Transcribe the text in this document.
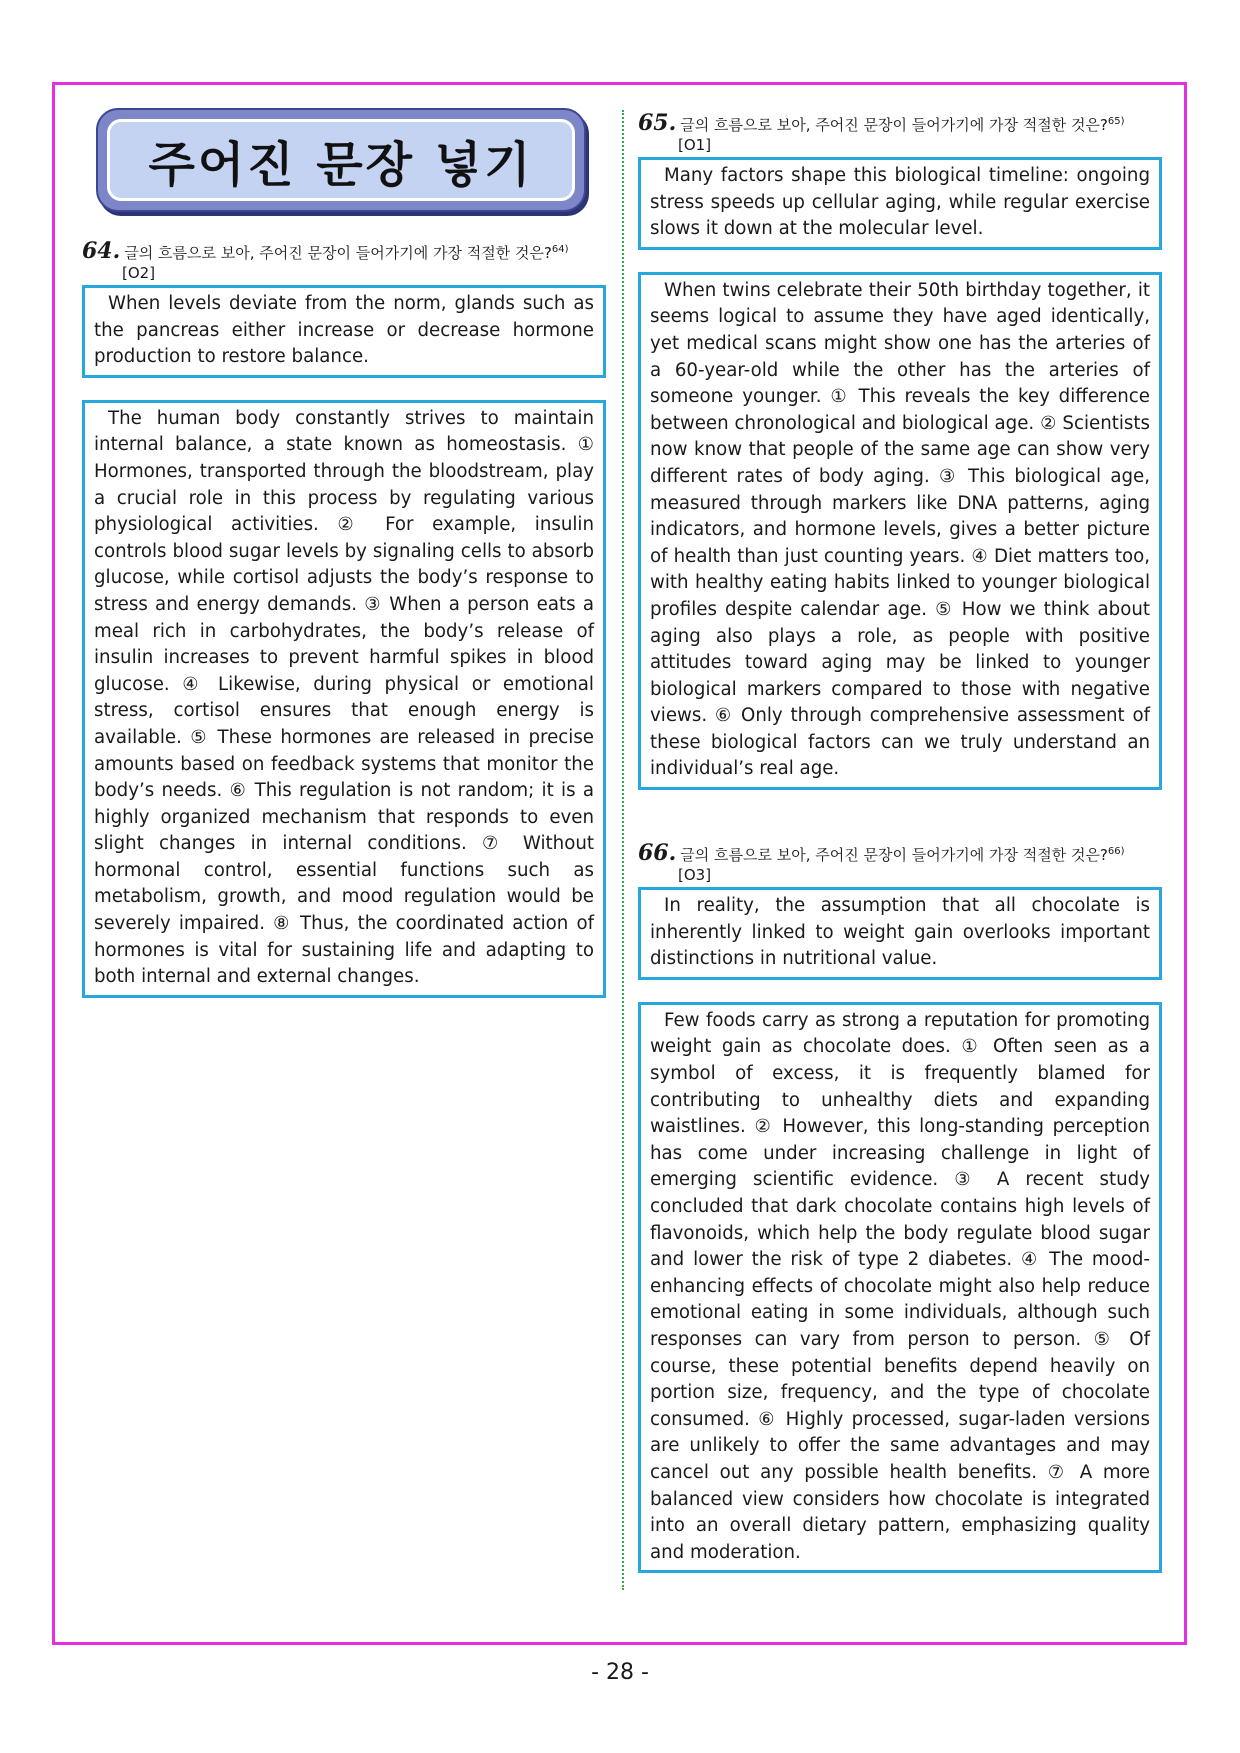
주어진 문장 넣기
64. 글의 흐름으로 보아, 주어진 문장이 들어가기에 가장 적절한 것은?$^{64)}$
[O2]
When levels deviate from the norm, glands such as the pancreas either increase or decrease hormone production to restore balance.
The human body constantly strives to maintain internal balance, a state known as homeostasis. ① Hormones, transported through the bloodstream, play a crucial role in this process by regulating various physiological activities. ② For example, insulin controls blood sugar levels by signaling cells to absorb glucose, while cortisol adjusts the body’s response to stress and energy demands. ③ When a person eats a meal rich in carbohydrates, the body’s release of insulin increases to prevent harmful spikes in blood glucose. ④ Likewise, during physical or emotional stress, cortisol ensures that enough energy is available. ⑤ These hormones are released in precise amounts based on feedback systems that monitor the body’s needs. ⑥ This regulation is not random; it is a highly organized mechanism that responds to even slight changes in internal conditions. ⑦ Without hormonal control, essential functions such as metabolism, growth, and mood regulation would be severely impaired. ⑧ Thus, the coordinated action of hormones is vital for sustaining life and adapting to both internal and external changes.
65. 글의 흐름으로 보아, 주어진 문장이 들어가기에 가장 적절한 것은?$^{65)}$
[O1]
Many factors shape this biological timeline: ongoing stress speeds up cellular aging, while regular exercise slows it down at the molecular level.
When twins celebrate their 50th birthday together, it seems logical to assume they have aged identically, yet medical scans might show one has the arteries of a 60-year-old while the other has the arteries of someone younger. ① This reveals the key difference between chronological and biological age. ② Scientists now know that people of the same age can show very different rates of body aging. ③ This biological age, measured through markers like DNA patterns, aging indicators, and hormone levels, gives a better picture of health than just counting years. ④ Diet matters too, with healthy eating habits linked to younger biological profiles despite calendar age. ⑤ How we think about aging also plays a role, as people with positive attitudes toward aging may be linked to younger biological markers compared to those with negative views. ⑥ Only through comprehensive assessment of these biological factors can we truly understand an individual’s real age.
66. 글의 흐름으로 보아, 주어진 문장이 들어가기에 가장 적절한 것은?$^{66)}$
[O3]
In reality, the assumption that all chocolate is inherently linked to weight gain overlooks important distinctions in nutritional value.
Few foods carry as strong a reputation for promoting weight gain as chocolate does. ① Often seen as a symbol of excess, it is frequently blamed for contributing to unhealthy diets and expanding waistlines. ② However, this long-standing perception has come under increasing challenge in light of emerging scientific evidence. ③ A recent study concluded that dark chocolate contains high levels of flavonoids, which help the body regulate blood sugar and lower the risk of type 2 diabetes. ④ The mood-enhancing effects of chocolate might also help reduce emotional eating in some individuals, although such responses can vary from person to person. ⑤ Of course, these potential benefits depend heavily on portion size, frequency, and the type of chocolate consumed. ⑥ Highly processed, sugar-laden versions are unlikely to offer the same advantages and may cancel out any possible health benefits. ⑦ A more balanced view considers how chocolate is integrated into an overall dietary pattern, emphasizing quality and moderation.
- 28 -
